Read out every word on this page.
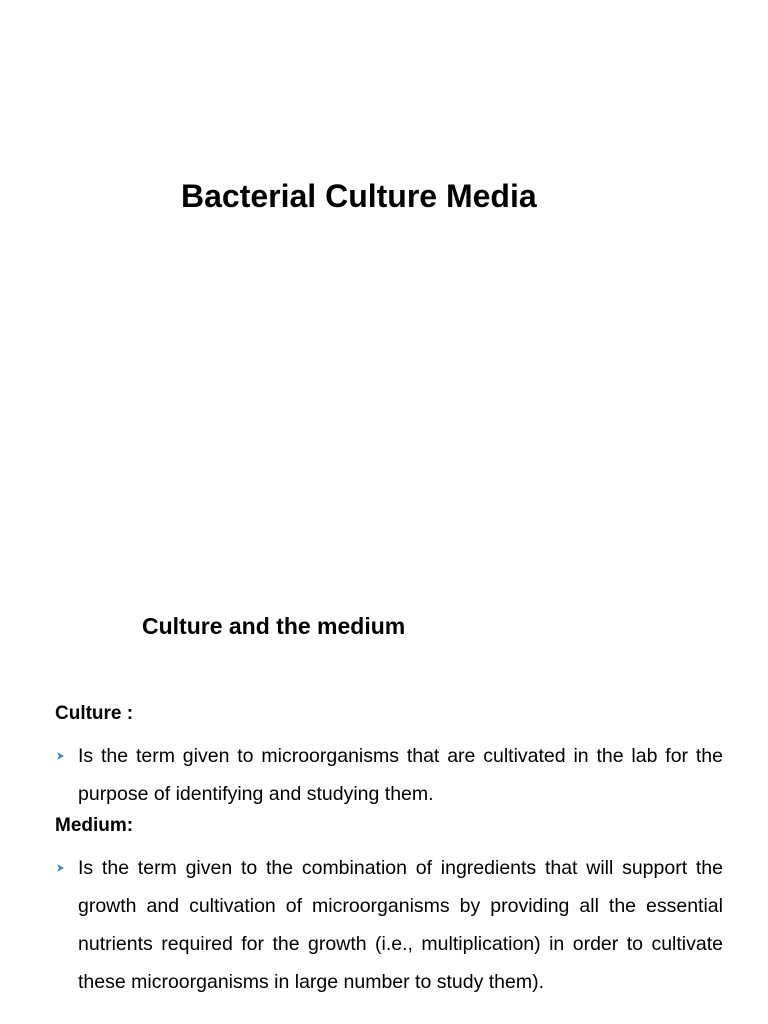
Bacterial Culture Media
Culture and the medium
Culture :
Is the term given to microorganisms that are cultivated in the lab for the purpose of identifying and studying them.
Medium:
Is the term given to the combination of ingredients that will support the growth and cultivation of microorganisms by providing all the essential nutrients required for the growth (i.e., multiplication) in order to cultivate these microorganisms in large number to study them).
